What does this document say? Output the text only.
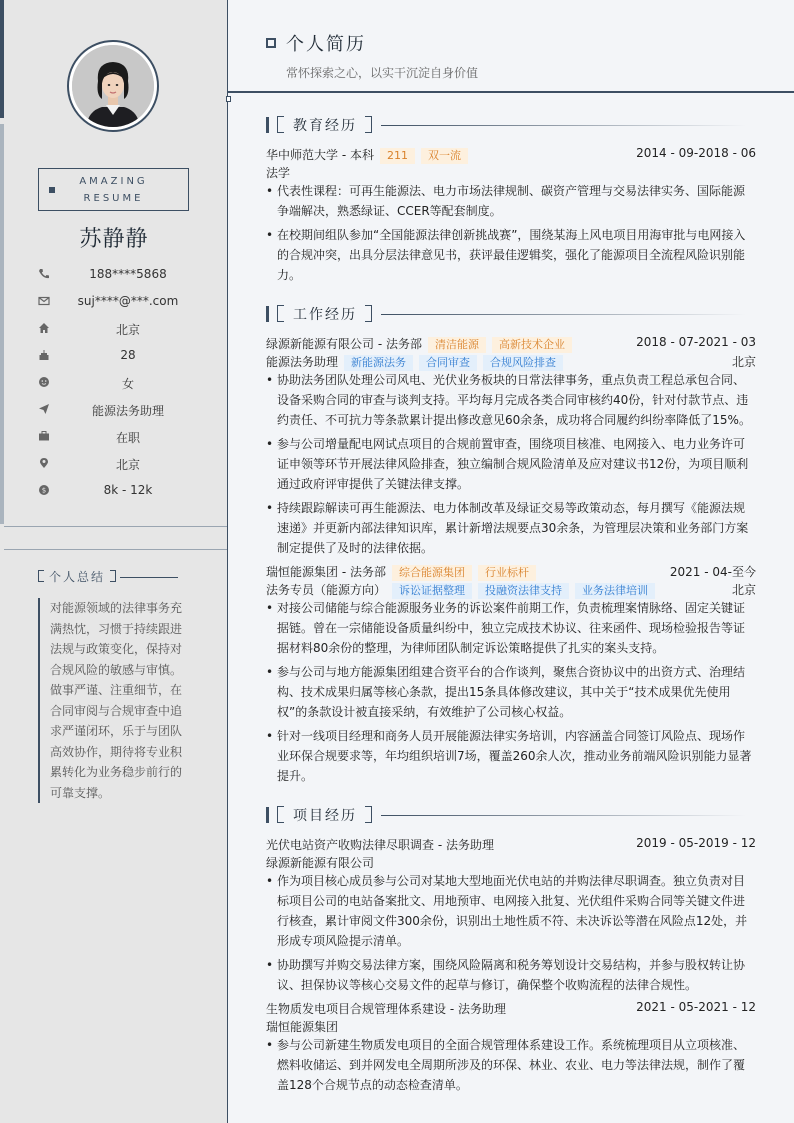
AMAZING
RESUME
苏静静
188****5868
suj****@***.com
北京
28
女
能源法务助理
在职
北京
$	8k - 12k
个人总结
对能源领域的法律事务充满热忱，习惯于持续跟进法规与政策变化，保持对合规风险的敏感与审慎。做事严谨、注重细节，在合同审阅与合规审查中追求严谨闭环，乐于与团队高效协作，期待将专业积累转化为业务稳步前行的可靠支撑。
个人简历
常怀探索之心，以实干沉淀自身价值
教育经历
华中师范大学 - 本科 211 双一流	2014 - 09-2018 - 06
法学
• 代表性课程：可再生能源法、电力市场法律规制、碳资产管理与交易法律实务、国际能源争端解决，熟悉绿证、CCER等配套制度。
• 在校期间组队参加“全国能源法律创新挑战赛”，围绕某海上风电项目用海审批与电网接入的合规冲突，出具分层法律意见书，获评最佳逻辑奖，强化了能源项目全流程风险识别能力。
工作经历
绿源新能源有限公司 - 法务部 清洁能源 高新技术企业	2018 - 07-2021 - 03
能源法务助理 新能源法务 合同审查 合规风险排查	北京
• 协助法务团队处理公司风电、光伏业务板块的日常法律事务，重点负责工程总承包合同、设备采购合同的审查与谈判支持。平均每月完成各类合同审核约40份，针对付款节点、违约责任、不可抗力等条款累计提出修改意见60余条，成功将合同履约纠纷率降低了15%。
• 参与公司增量配电网试点项目的合规前置审查，围绕项目核准、电网接入、电力业务许可证申领等环节开展法律风险排查，独立编制合规风险清单及应对建议书12份，为项目顺利通过政府评审提供了关键法律支撑。
• 持续跟踪解读可再生能源法、电力体制改革及绿证交易等政策动态，每月撰写《能源法规速递》并更新内部法律知识库，累计新增法规要点30余条，为管理层决策和业务部门方案制定提供了及时的法律依据。
瑞恒能源集团 - 法务部 综合能源集团 行业标杆	2021 - 04-至今
法务专员（能源方向） 诉讼证据整理 投融资法律支持 业务法律培训	北京
• 对接公司储能与综合能源服务业务的诉讼案件前期工作，负责梳理案情脉络、固定关键证据链。曾在一宗储能设备质量纠纷中，独立完成技术协议、往来函件、现场检验报告等证据材料80余份的整理，为律师团队制定诉讼策略提供了扎实的案头支持。
• 参与公司与地方能源集团组建合资平台的合作谈判，聚焦合资协议中的出资方式、治理结构、技术成果归属等核心条款，提出15条具体修改建议，其中关于“技术成果优先使用权”的条款设计被直接采纳，有效维护了公司核心权益。
• 针对一线项目经理和商务人员开展能源法律实务培训，内容涵盖合同签订风险点、现场作业环保合规要求等，年均组织培训7场，覆盖260余人次，推动业务前端风险识别能力显著提升。
项目经历
光伏电站资产收购法律尽职调查 - 法务助理	2019 - 05-2019 - 12
绿源新能源有限公司
• 作为项目核心成员参与公司对某地大型地面光伏电站的并购法律尽职调查。独立负责对目标项目公司的电站备案批文、用地预审、电网接入批复、光伏组件采购合同等关键文件进行核查，累计审阅文件300余份，识别出土地性质不符、未决诉讼等潜在风险点12处，并形成专项风险提示清单。
• 协助撰写并购交易法律方案，围绕风险隔离和税务筹划设计交易结构，并参与股权转让协议、担保协议等核心交易文件的起草与修订，确保整个收购流程的法律合规性。
生物质发电项目合规管理体系建设 - 法务助理	2021 - 05-2021 - 12
瑞恒能源集团
• 参与公司新建生物质发电项目的全面合规管理体系建设工作。系统梳理项目从立项核准、燃料收储运、到并网发电全周期所涉及的环保、林业、农业、电力等法律法规，制作了覆盖128个合规节点的动态检查清单。
